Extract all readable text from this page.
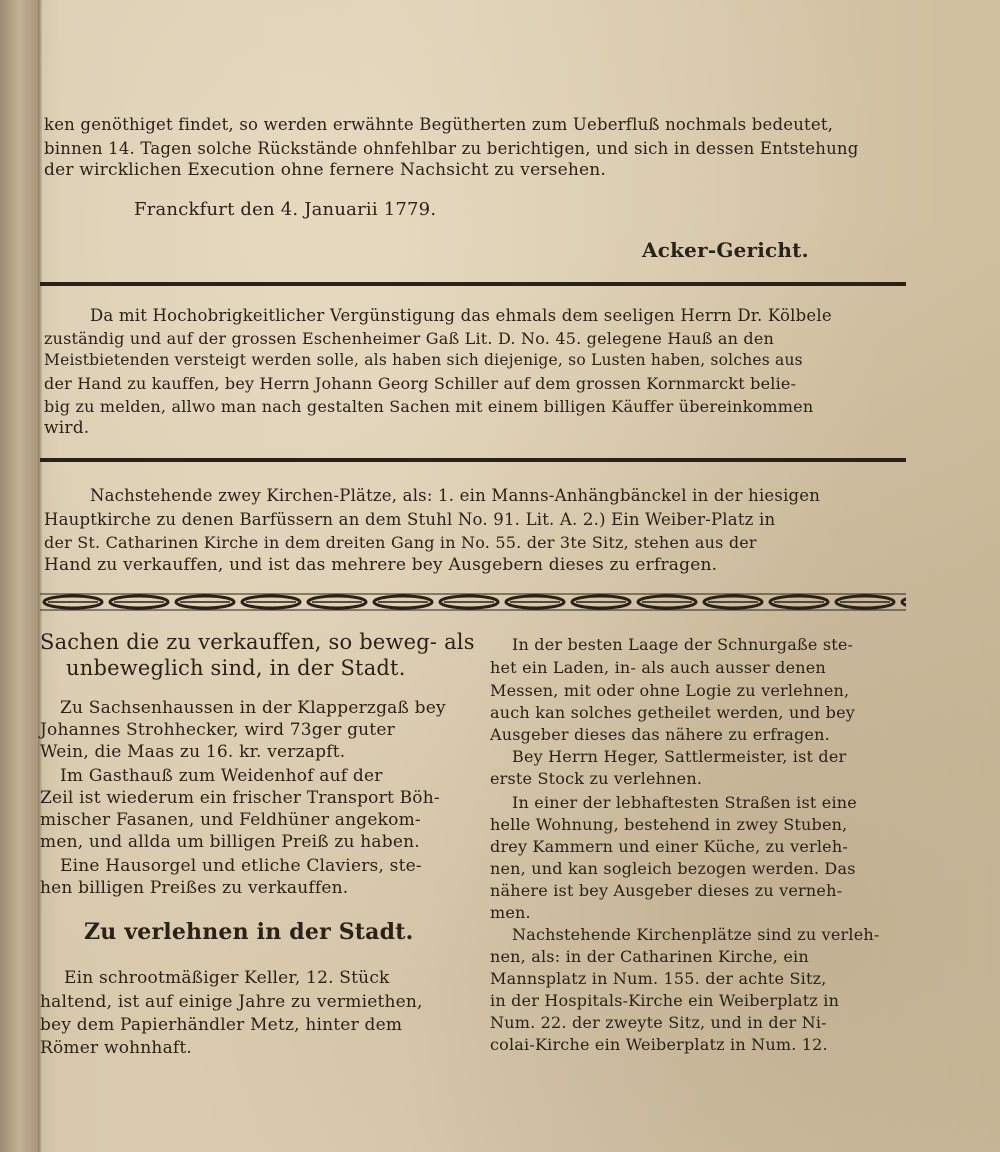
ken genöthiget findet, so werden erwähnte Begütherten zum Ueberfluß nochmals bedeutet,
binnen 14. Tagen solche Rückstände ohnfehlbar zu berichtigen, und sich in dessen Entstehung
der wircklichen Execution ohne fernere Nachsicht zu versehen.
Franckfurt den 4. Januarii 1779.
Acker-Gericht.
Da mit Hochobrigkeitlicher Vergünstigung das ehmals dem seeligen Herrn Dr. Kölbele
zuständig und auf der grossen Eschenheimer Gaß Lit. D. No. 45. gelegene Hauß an den
Meistbietenden versteigt werden solle, als haben sich diejenige, so Lusten haben, solches aus
der Hand zu kauffen, bey Herrn Johann Georg Schiller auf dem grossen Kornmarckt belie-
big zu melden, allwo man nach gestalten Sachen mit einem billigen Käuffer übereinkommen
wird.
Nachstehende zwey Kirchen-Plätze, als: 1. ein Manns-Anhängbänckel in der hiesigen
Hauptkirche zu denen Barfüssern an dem Stuhl No. 91. Lit. A. 2.) Ein Weiber-Platz in
der St. Catharinen Kirche in dem dreiten Gang in No. 55. der 3te Sitz, stehen aus der
Hand zu verkauffen, und ist das mehrere bey Ausgebern dieses zu erfragen.
Sachen die zu verkauffen, so beweg- als
unbeweglich sind, in der Stadt.
Zu Sachsenhaussen in der Klapperzgaß bey
Johannes Strohhecker, wird 73ger guter
Wein, die Maas zu 16. kr. verzapft.
Im Gasthauß zum Weidenhof auf der
Zeil ist wiederum ein frischer Transport Böh-
mischer Fasanen, und Feldhüner angekom-
men, und allda um billigen Preiß zu haben.
Eine Hausorgel und etliche Claviers, ste-
hen billigen Preißes zu verkauffen.
Zu verlehnen in der Stadt.
Ein schrootmäßiger Keller, 12. Stück
haltend, ist auf einige Jahre zu vermiethen,
bey dem Papierhändler Metz, hinter dem
Römer wohnhaft.
In der besten Laage der Schnurgaße ste-
het ein Laden, in- als auch ausser denen
Messen, mit oder ohne Logie zu verlehnen,
auch kan solches getheilet werden, und bey
Ausgeber dieses das nähere zu erfragen.
Bey Herrn Heger, Sattlermeister, ist der
erste Stock zu verlehnen.
In einer der lebhaftesten Straßen ist eine
helle Wohnung, bestehend in zwey Stuben,
drey Kammern und einer Küche, zu verleh-
nen, und kan sogleich bezogen werden. Das
nähere ist bey Ausgeber dieses zu verneh-
men.
Nachstehende Kirchenplätze sind zu verleh-
nen, als: in der Catharinen Kirche, ein
Mannsplatz in Num. 155. der achte Sitz,
in der Hospitals-Kirche ein Weiberplatz in
Num. 22. der zweyte Sitz, und in der Ni-
colai-Kirche ein Weiberplatz in Num. 12.
